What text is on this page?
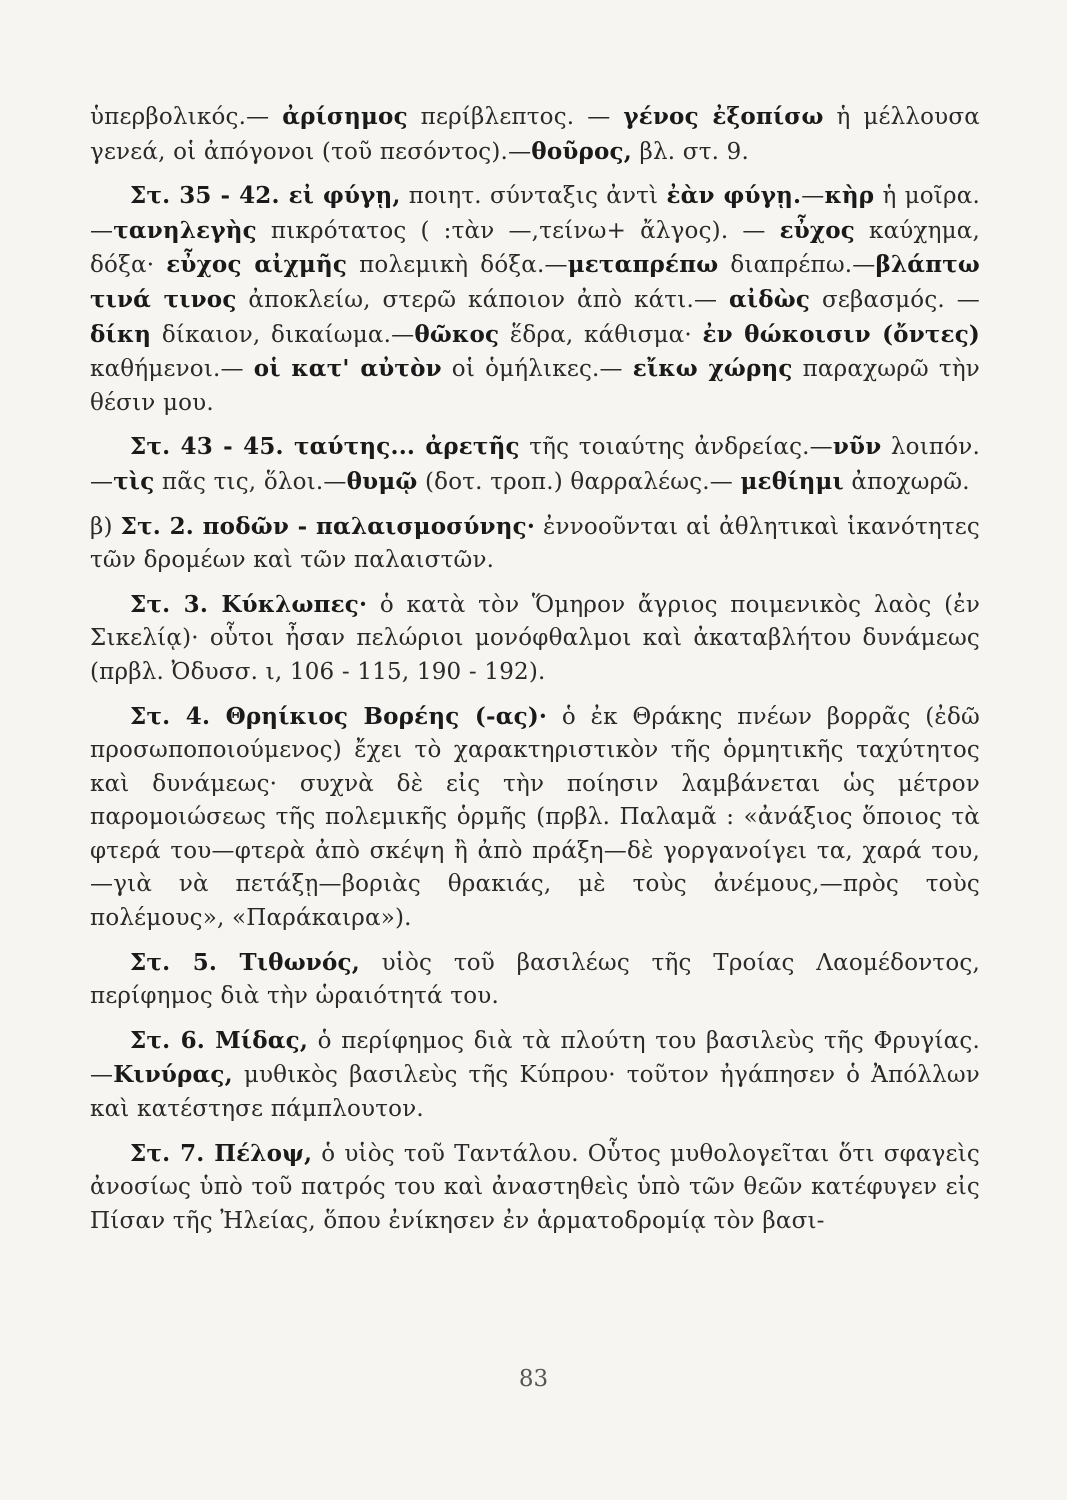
ὑπερβολικός.— ἀρίσημος περίβλεπτος. — γένος ἐξοπίσω ἡ μέλλουσα γενεά, οἱ ἀπόγονοι (τοῦ πεσόντος).—θοῦρος, βλ. στ. 9.

Στ. 35 - 42. εἰ φύγῃ, ποιητ. σύνταξις ἀντὶ ἐὰν φύγῃ.—κὴρ ἡ μοῖρα.—τανηλεγὴς πικρότατος ( :τὰν —,τείνω+ ἄλγος). — εὖχος καύχημα, δόξα· εὖχος αἰχμῆς πολεμικὴ δόξα.—μεταπρέπω διαπρέπω.—βλάπτω τινά τινος ἀποκλείω, στερῶ κάποιον ἀπὸ κάτι.— αἰδὼς σεβασμός. —δίκη δίκαιον, δικαίωμα.—θῶκος ἕδρα, κάθισμα· ἐν θώκοισιν (ὄντες) καθήμενοι.— οἱ κατ' αὐτὸν οἱ ὁμήλικες.— εἴκω χώρης παραχωρῶ τὴν θέσιν μου.

Στ. 43 - 45. ταύτης... ἀρετῆς τῆς τοιαύτης ἀνδρείας.—νῦν λοιπόν.—τὶς πᾶς τις, ὅλοι.—θυμῷ (δοτ. τροπ.) θαρραλέως.— μεθίημι ἀποχωρῶ.

β) Στ. 2. ποδῶν - παλαισμοσύνης· ἐννοοῦνται αἱ ἀθλητικαὶ ἱκανότητες τῶν δρομέων καὶ τῶν παλαιστῶν.

Στ. 3. Κύκλωπες· ὁ κατὰ τὸν Ὅμηρον ἄγριος ποιμενικὸς λαὸς (ἐν Σικελίᾳ)· οὗτοι ἦσαν πελώριοι μονόφθαλμοι καὶ ἀκαταβλήτου δυνάμεως (πρβλ. Ὀδυσσ. ι, 106 - 115, 190 - 192).

Στ. 4. Θρηίκιος Βορέης (-ας)· ὁ ἐκ Θράκης πνέων βορρᾶς (ἐδῶ προσωποποιούμενος) ἔχει τὸ χαρακτηριστικὸν τῆς ὁρμητικῆς ταχύτητος καὶ δυνάμεως· συχνὰ δὲ εἰς τὴν ποίησιν λαμβάνεται ὡς μέτρον παρομοιώσεως τῆς πολεμικῆς ὁρμῆς (πρβλ. Παλαμᾶ : «ἀνάξιος ὅποιος τὰ φτερά του—φτερὰ ἀπὸ σκέψη ἢ ἀπὸ πράξη—δὲ γοργανοίγει τα, χαρά του,—γιὰ νὰ πετάξῃ—βοριὰς θρακιάς, μὲ τοὺς ἀνέμους,—πρὸς τοὺς πολέμους», «Παράκαιρα»).

Στ. 5. Τιθωνός, υἱὸς τοῦ βασιλέως τῆς Τροίας Λαομέδοντος, περίφημος διὰ τὴν ὡραιότητά του.

Στ. 6. Μίδας, ὁ περίφημος διὰ τὰ πλούτη του βασιλεὺς τῆς Φρυγίας.—Κινύρας, μυθικὸς βασιλεὺς τῆς Κύπρου· τοῦτον ἠγάπησεν ὁ Ἀπόλλων καὶ κατέστησε πάμπλουτον.

Στ. 7. Πέλοψ, ὁ υἱὸς τοῦ Ταντάλου. Οὗτος μυθολογεῖται ὅτι σφαγεὶς ἀνοσίως ὑπὸ τοῦ πατρός του καὶ ἀναστηθεὶς ὑπὸ τῶν θεῶν κατέφυγεν εἰς Πίσαν τῆς Ἠλείας, ὅπου ἐνίκησεν ἐν ἁρματοδρομίᾳ τὸν βασι-

83
